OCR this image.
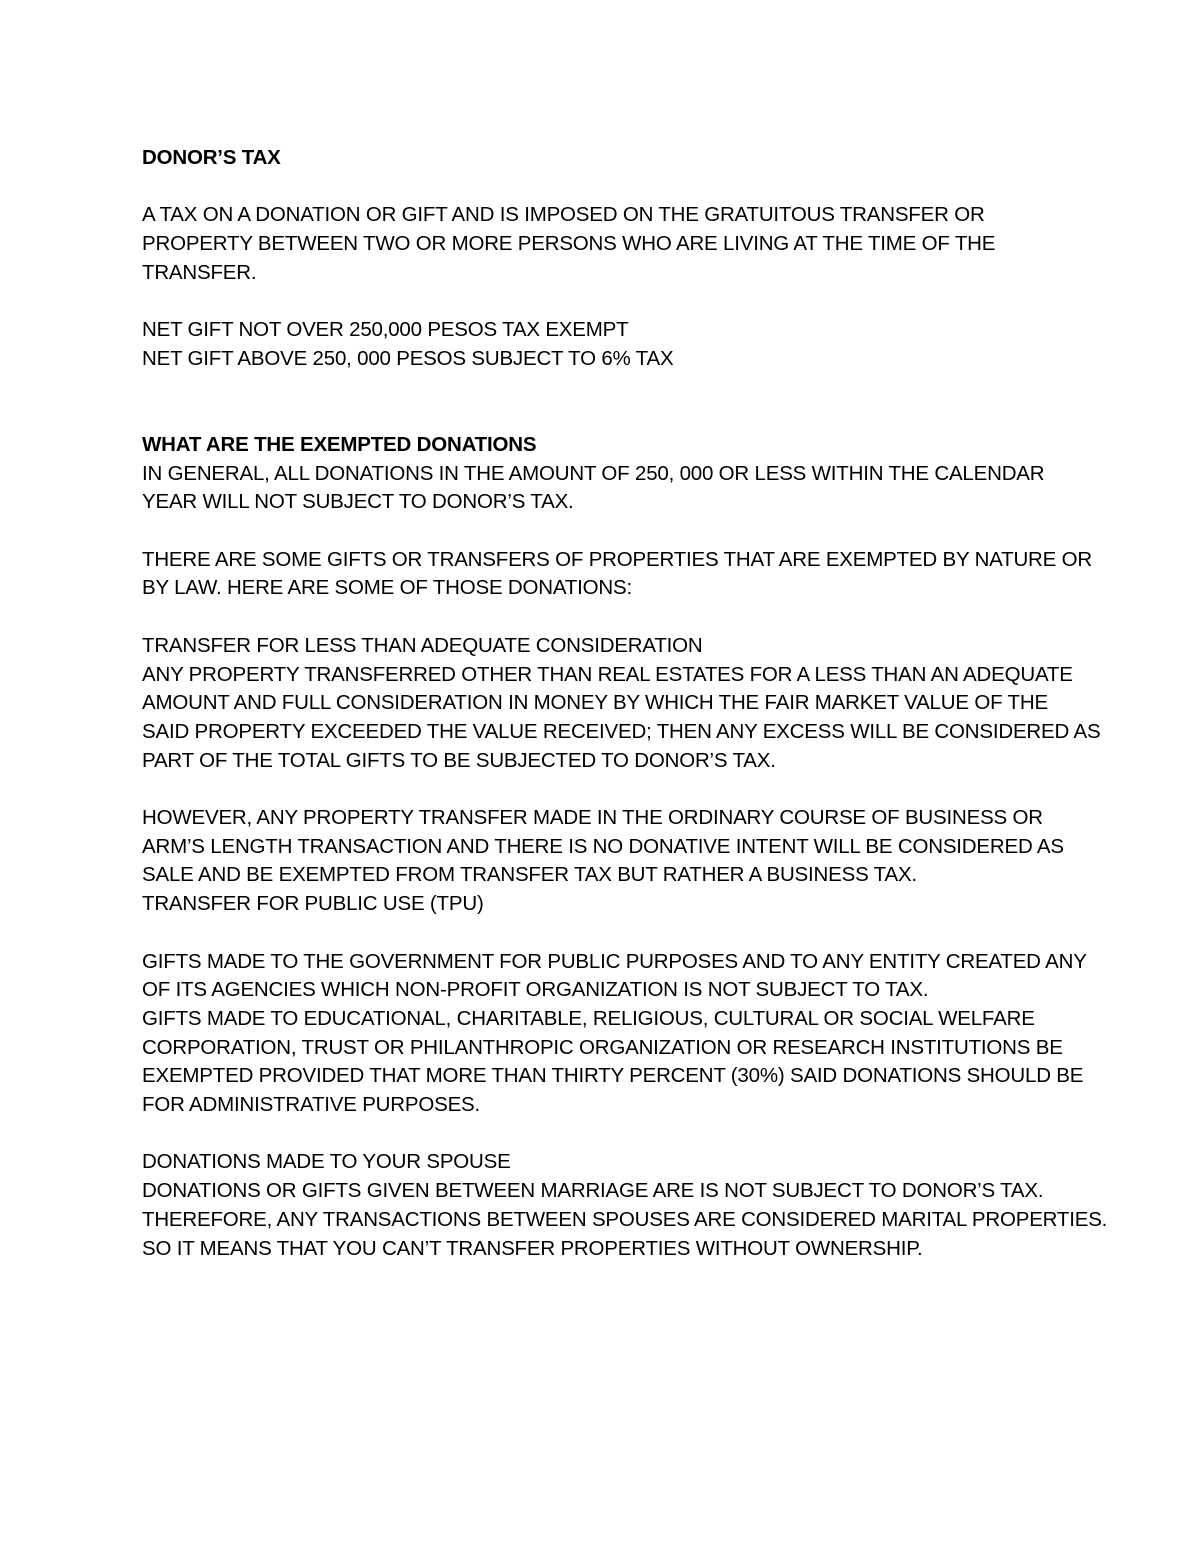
DONOR’S TAX
A TAX ON A DONATION OR GIFT AND IS IMPOSED ON THE GRATUITOUS TRANSFER OR
PROPERTY BETWEEN TWO OR MORE PERSONS WHO ARE LIVING AT THE TIME OF THE
TRANSFER.
NET GIFT NOT OVER 250,000 PESOS TAX EXEMPT
NET GIFT ABOVE 250, 000 PESOS SUBJECT TO 6% TAX
WHAT ARE THE EXEMPTED DONATIONS
IN GENERAL, ALL DONATIONS IN THE AMOUNT OF 250, 000 OR LESS WITHIN THE CALENDAR
YEAR WILL NOT SUBJECT TO DONOR’S TAX.
THERE ARE SOME GIFTS OR TRANSFERS OF PROPERTIES THAT ARE EXEMPTED BY NATURE OR
BY LAW. HERE ARE SOME OF THOSE DONATIONS:
TRANSFER FOR LESS THAN ADEQUATE CONSIDERATION
ANY PROPERTY TRANSFERRED OTHER THAN REAL ESTATES FOR A LESS THAN AN ADEQUATE
AMOUNT AND FULL CONSIDERATION IN MONEY BY WHICH THE FAIR MARKET VALUE OF THE
SAID PROPERTY EXCEEDED THE VALUE RECEIVED; THEN ANY EXCESS WILL BE CONSIDERED AS
PART OF THE TOTAL GIFTS TO BE SUBJECTED TO DONOR’S TAX.
HOWEVER, ANY PROPERTY TRANSFER MADE IN THE ORDINARY COURSE OF BUSINESS OR
ARM’S LENGTH TRANSACTION AND THERE IS NO DONATIVE INTENT WILL BE CONSIDERED AS
SALE AND BE EXEMPTED FROM TRANSFER TAX BUT RATHER A BUSINESS TAX.
TRANSFER FOR PUBLIC USE (TPU)
GIFTS MADE TO THE GOVERNMENT FOR PUBLIC PURPOSES AND TO ANY ENTITY CREATED ANY
OF ITS AGENCIES WHICH NON-PROFIT ORGANIZATION IS NOT SUBJECT TO TAX.
GIFTS MADE TO EDUCATIONAL, CHARITABLE, RELIGIOUS, CULTURAL OR SOCIAL WELFARE
CORPORATION, TRUST OR PHILANTHROPIC ORGANIZATION OR RESEARCH INSTITUTIONS BE
EXEMPTED PROVIDED THAT MORE THAN THIRTY PERCENT (30%) SAID DONATIONS SHOULD BE
FOR ADMINISTRATIVE PURPOSES.
DONATIONS MADE TO YOUR SPOUSE
DONATIONS OR GIFTS GIVEN BETWEEN MARRIAGE ARE IS NOT SUBJECT TO DONOR’S TAX.
THEREFORE, ANY TRANSACTIONS BETWEEN SPOUSES ARE CONSIDERED MARITAL PROPERTIES.
SO IT MEANS THAT YOU CAN’T TRANSFER PROPERTIES WITHOUT OWNERSHIP.
